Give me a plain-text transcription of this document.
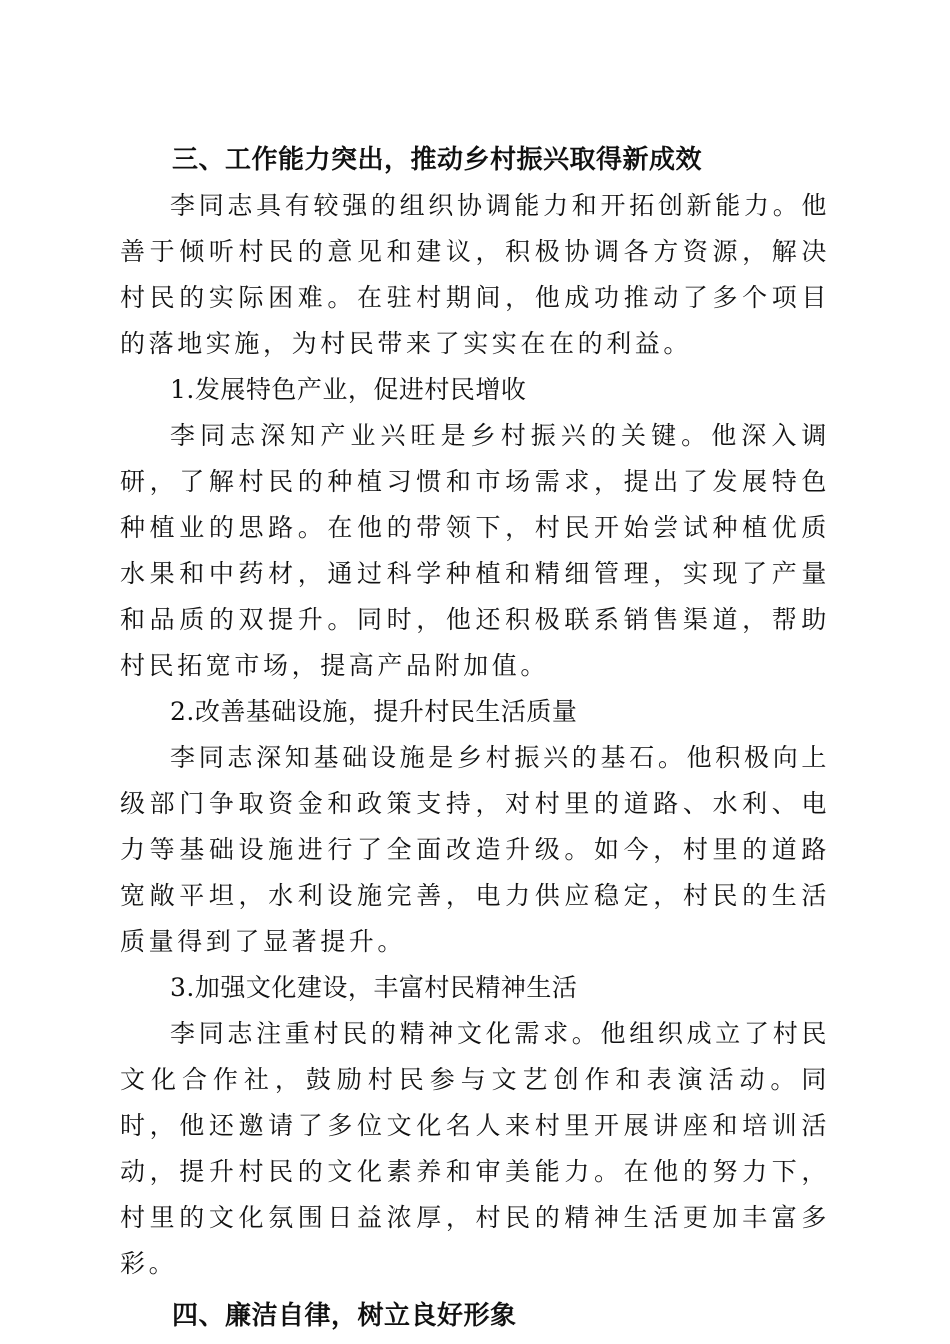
三、工作能力突出，推动乡村振兴取得新成效

李同志具有较强的组织协调能力和开拓创新能力。他善于倾听村民的意见和建议，积极协调各方资源，解决村民的实际困难。在驻村期间，他成功推动了多个项目的落地实施，为村民带来了实实在在的利益。

1.发展特色产业，促进村民增收

李同志深知产业兴旺是乡村振兴的关键。他深入调研，了解村民的种植习惯和市场需求，提出了发展特色种植业的思路。在他的带领下，村民开始尝试种植优质水果和中药材，通过科学种植和精细管理，实现了产量和品质的双提升。同时，他还积极联系销售渠道，帮助村民拓宽市场，提高产品附加值。

2.改善基础设施，提升村民生活质量

李同志深知基础设施是乡村振兴的基石。他积极向上级部门争取资金和政策支持，对村里的道路、水利、电力等基础设施进行了全面改造升级。如今，村里的道路宽敞平坦，水利设施完善，电力供应稳定，村民的生活质量得到了显著提升。

3.加强文化建设，丰富村民精神生活

李同志注重村民的精神文化需求。他组织成立了村民文化合作社，鼓励村民参与文艺创作和表演活动。同时，他还邀请了多位文化名人来村里开展讲座和培训活动，提升村民的文化素养和审美能力。在他的努力下，村里的文化氛围日益浓厚，村民的精神生活更加丰富多彩。

四、廉洁自律，树立良好形象
